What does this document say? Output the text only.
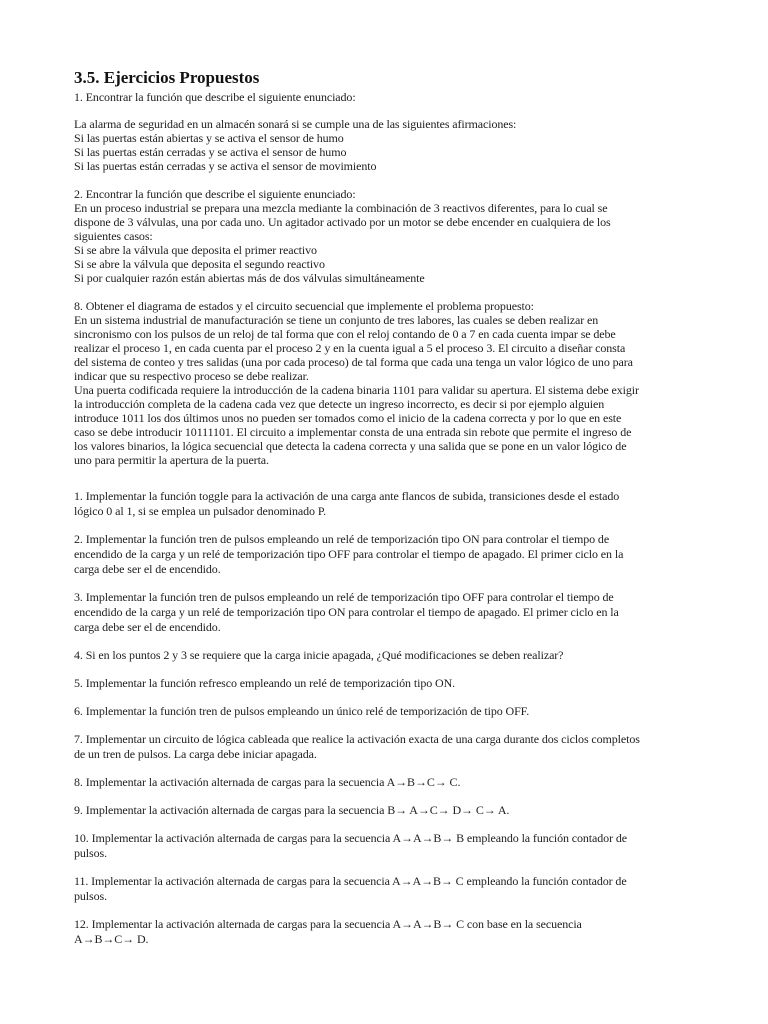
3.5. Ejercicios Propuestos
1. Encontrar la función que describe el siguiente enunciado:
La alarma de seguridad en un almacén sonará si se cumple una de las siguientes afirmaciones:
Si las puertas están abiertas y se activa el sensor de humo
Si las puertas están cerradas y se activa el sensor de humo
Si las puertas están cerradas y se activa el sensor de movimiento
2. Encontrar la función que describe el siguiente enunciado:
En un proceso industrial se prepara una mezcla mediante la combinación de 3 reactivos diferentes, para lo cual se
dispone de 3 válvulas, una por cada uno. Un agitador activado por un motor se debe encender en cualquiera de los
siguientes casos:
Si se abre la válvula que deposita el primer reactivo
Si se abre la válvula que deposita el segundo reactivo
Si por cualquier razón están abiertas más de dos válvulas simultáneamente
8. Obtener el diagrama de estados y el circuito secuencial que implemente el problema propuesto:
En un sistema industrial de manufacturación se tiene un conjunto de tres labores, las cuales se deben realizar en
sincronismo con los pulsos de un reloj de tal forma que con el reloj contando de 0 a 7 en cada cuenta impar se debe
realizar el proceso 1, en cada cuenta par el proceso 2 y en la cuenta igual a 5 el proceso 3. El circuito a diseñar consta
del sistema de conteo y tres salidas (una por cada proceso) de tal forma que cada una tenga un valor lógico de uno para
indicar que su respectivo proceso se debe realizar.
Una puerta codificada requiere la introducción de la cadena binaria 1101 para validar su apertura. El sistema debe exigir
la introducción completa de la cadena cada vez que detecte un ingreso incorrecto, es decir si por ejemplo alguien
introduce 1011 los dos últimos unos no pueden ser tomados como el inicio de la cadena correcta y por lo que en este
caso se debe introducir 10111101. El circuito a implementar consta de una entrada sin rebote que permite el ingreso de
los valores binarios, la lógica secuencial que detecta la cadena correcta y una salida que se pone en un valor lógico de
uno para permitir la apertura de la puerta.
1. Implementar la función toggle para la activación de una carga ante flancos de subida, transiciones desde el estado
lógico 0 al 1, si se emplea un pulsador denominado P.
2. Implementar la función tren de pulsos empleando un relé de temporización tipo ON para controlar el tiempo de
encendido de la carga y un relé de temporización tipo OFF para controlar el tiempo de apagado. El primer ciclo en la
carga debe ser el de encendido.
3. Implementar la función tren de pulsos empleando un relé de temporización tipo OFF para controlar el tiempo de
encendido de la carga y un relé de temporización tipo ON para controlar el tiempo de apagado. El primer ciclo en la
carga debe ser el de encendido.
4. Si en los puntos 2 y 3 se requiere que la carga inicie apagada, ¿Qué modificaciones se deben realizar?
5. Implementar la función refresco empleando un relé de temporización tipo ON.
6. Implementar la función tren de pulsos empleando un único relé de temporización de tipo OFF.
7. Implementar un circuito de lógica cableada que realice la activación exacta de una carga durante dos ciclos completos
de un tren de pulsos. La carga debe iniciar apagada.
8. Implementar la activación alternada de cargas para la secuencia A→B→C→ C.
9. Implementar la activación alternada de cargas para la secuencia B→ A→C→ D→ C→ A.
10. Implementar la activación alternada de cargas para la secuencia A→A→B→ B empleando la función contador de
pulsos.
11. Implementar la activación alternada de cargas para la secuencia A→A→B→ C empleando la función contador de
pulsos.
12. Implementar la activación alternada de cargas para la secuencia A→A→B→ C con base en la secuencia
A→B→C→ D.
